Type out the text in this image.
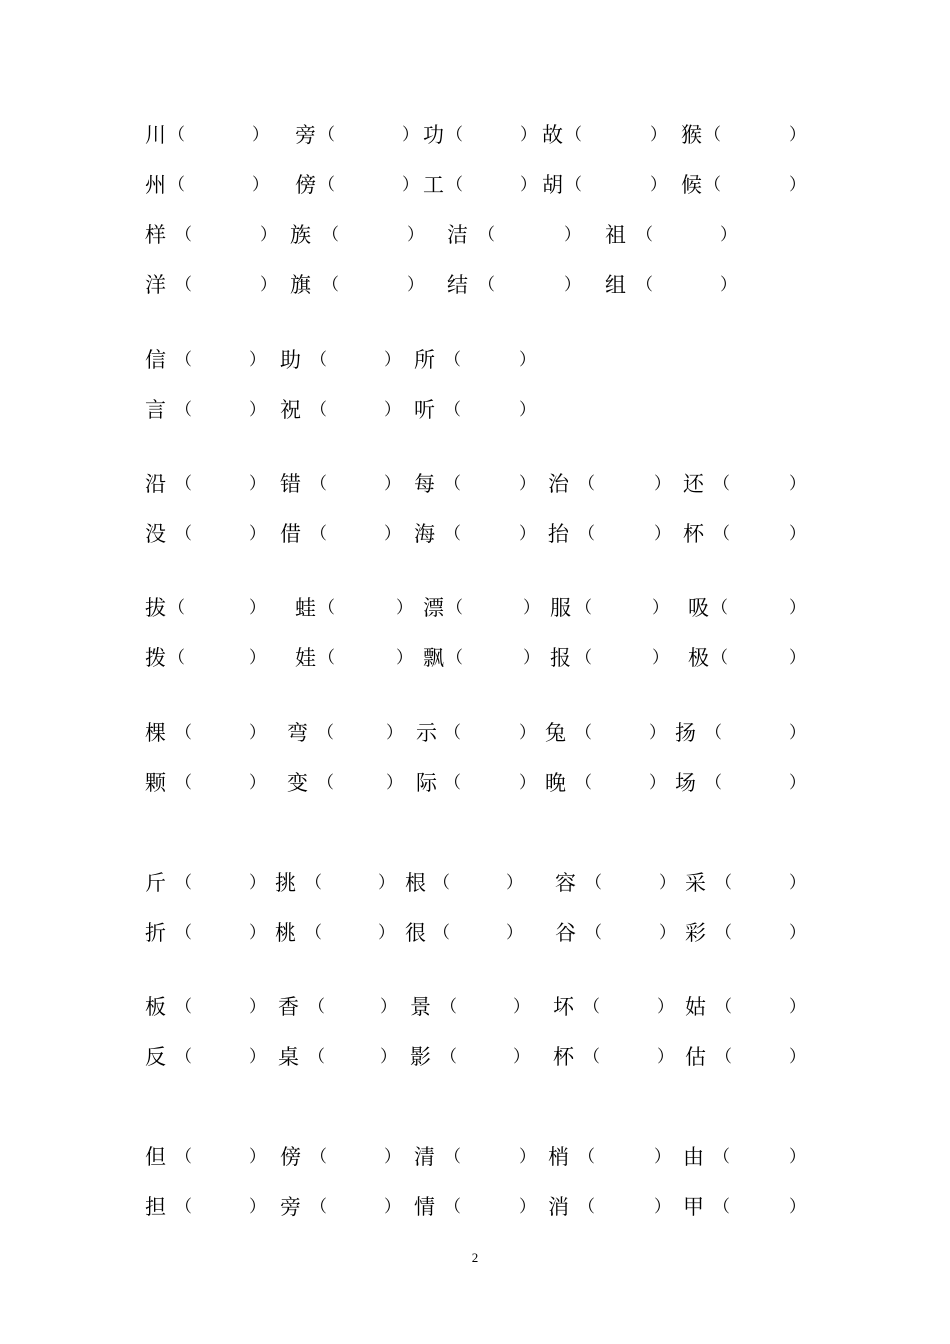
川 （	） 旁 （	） 功 （	） 故 （	） 猴 （	）
州 （	） 傍 （	） 工 （	） 胡 （	） 候 （	）
样 （	） 族 （	） 洁 （	） 祖 （	）
洋 （	） 旗 （	） 结 （	） 组 （	）
信 （	） 助 （	） 所 （	）
言 （	） 祝 （	） 听 （	）
沿 （	） 错 （	） 每 （	） 治 （	） 还 （	）
没 （	） 借 （	） 海 （	） 抬 （	） 杯 （	）
拔 （	） 蛙 （	） 漂 （	） 服 （	） 吸 （	）
拨 （	） 娃 （	） 飘 （	） 报 （	） 极 （	）
棵 （	） 弯 （	） 示 （	） 兔 （	） 扬 （	）
颗 （	） 变 （	） 际 （	） 晚 （	） 场 （	）
斤 （	） 挑 （	） 根 （	） 容 （	） 采 （	）
折 （	） 桃 （	） 很 （	） 谷 （	） 彩 （	）
板 （	） 香 （	） 景 （	） 坏 （	） 姑 （	）
反 （	） 桌 （	） 影 （	） 杯 （	） 估 （	）
但 （	） 傍 （	） 清 （	） 梢 （	） 由 （	）
担 （	） 旁 （	） 情 （	） 消 （	） 甲 （	）
2
